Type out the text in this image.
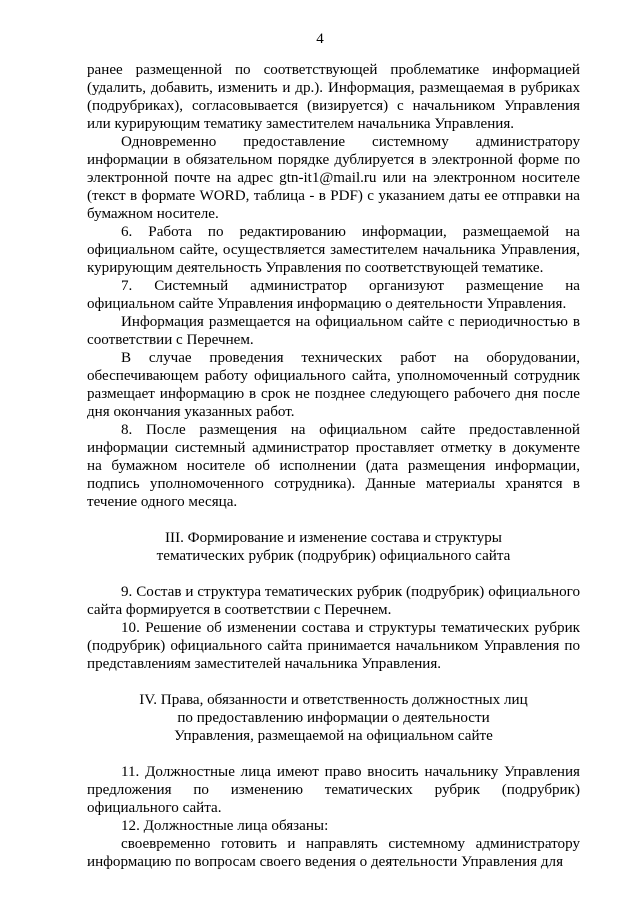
4

ранее размещенной по соответствующей проблематике информацией (удалить, добавить, изменить и др.). Информация, размещаемая в рубриках (подрубриках), согласовывается (визируется) с начальником Управления или курирующим тематику заместителем начальника Управления.

Одновременно предоставление системному администратору информации в обязательном порядке дублируется в электронной форме по электронной почте на адрес gtn-it1@mail.ru или на электронном носителе (текст в формате WORD, таблица - в PDF) с указанием даты ее отправки на бумажном носителе.

6. Работа по редактированию информации, размещаемой на официальном сайте, осуществляется заместителем начальника Управления, курирующим деятельность Управления по соответствующей тематике.

7. Системный администратор организуют размещение на официальном сайте Управления информацию о деятельности Управления.

Информация размещается на официальном сайте с периодичностью в соответствии с Перечнем.

В случае проведения технических работ на оборудовании, обеспечивающем работу официального сайта, уполномоченный сотрудник размещает информацию в срок не позднее следующего рабочего дня после дня окончания указанных работ.

8. После размещения на официальном сайте предоставленной информации системный администратор проставляет отметку в документе на бумажном носителе об исполнении (дата размещения информации, подпись уполномоченного сотрудника). Данные материалы хранятся в течение одного месяца.

III. Формирование и изменение состава и структуры
тематических рубрик (подрубрик) официального сайта

9. Состав и структура тематических рубрик (подрубрик) официального сайта формируется в соответствии с Перечнем.

10. Решение об изменении состава и структуры тематических рубрик (подрубрик) официального сайта принимается начальником Управления по представлениям заместителей начальника Управления.

IV. Права, обязанности и ответственность должностных лиц
по предоставлению информации о деятельности
Управления, размещаемой на официальном сайте

11. Должностные лица имеют право вносить начальнику Управления предложения по изменению тематических рубрик (подрубрик) официального сайта.

12. Должностные лица обязаны:

своевременно готовить и направлять системному администратору информацию по вопросам своего ведения о деятельности Управления для
